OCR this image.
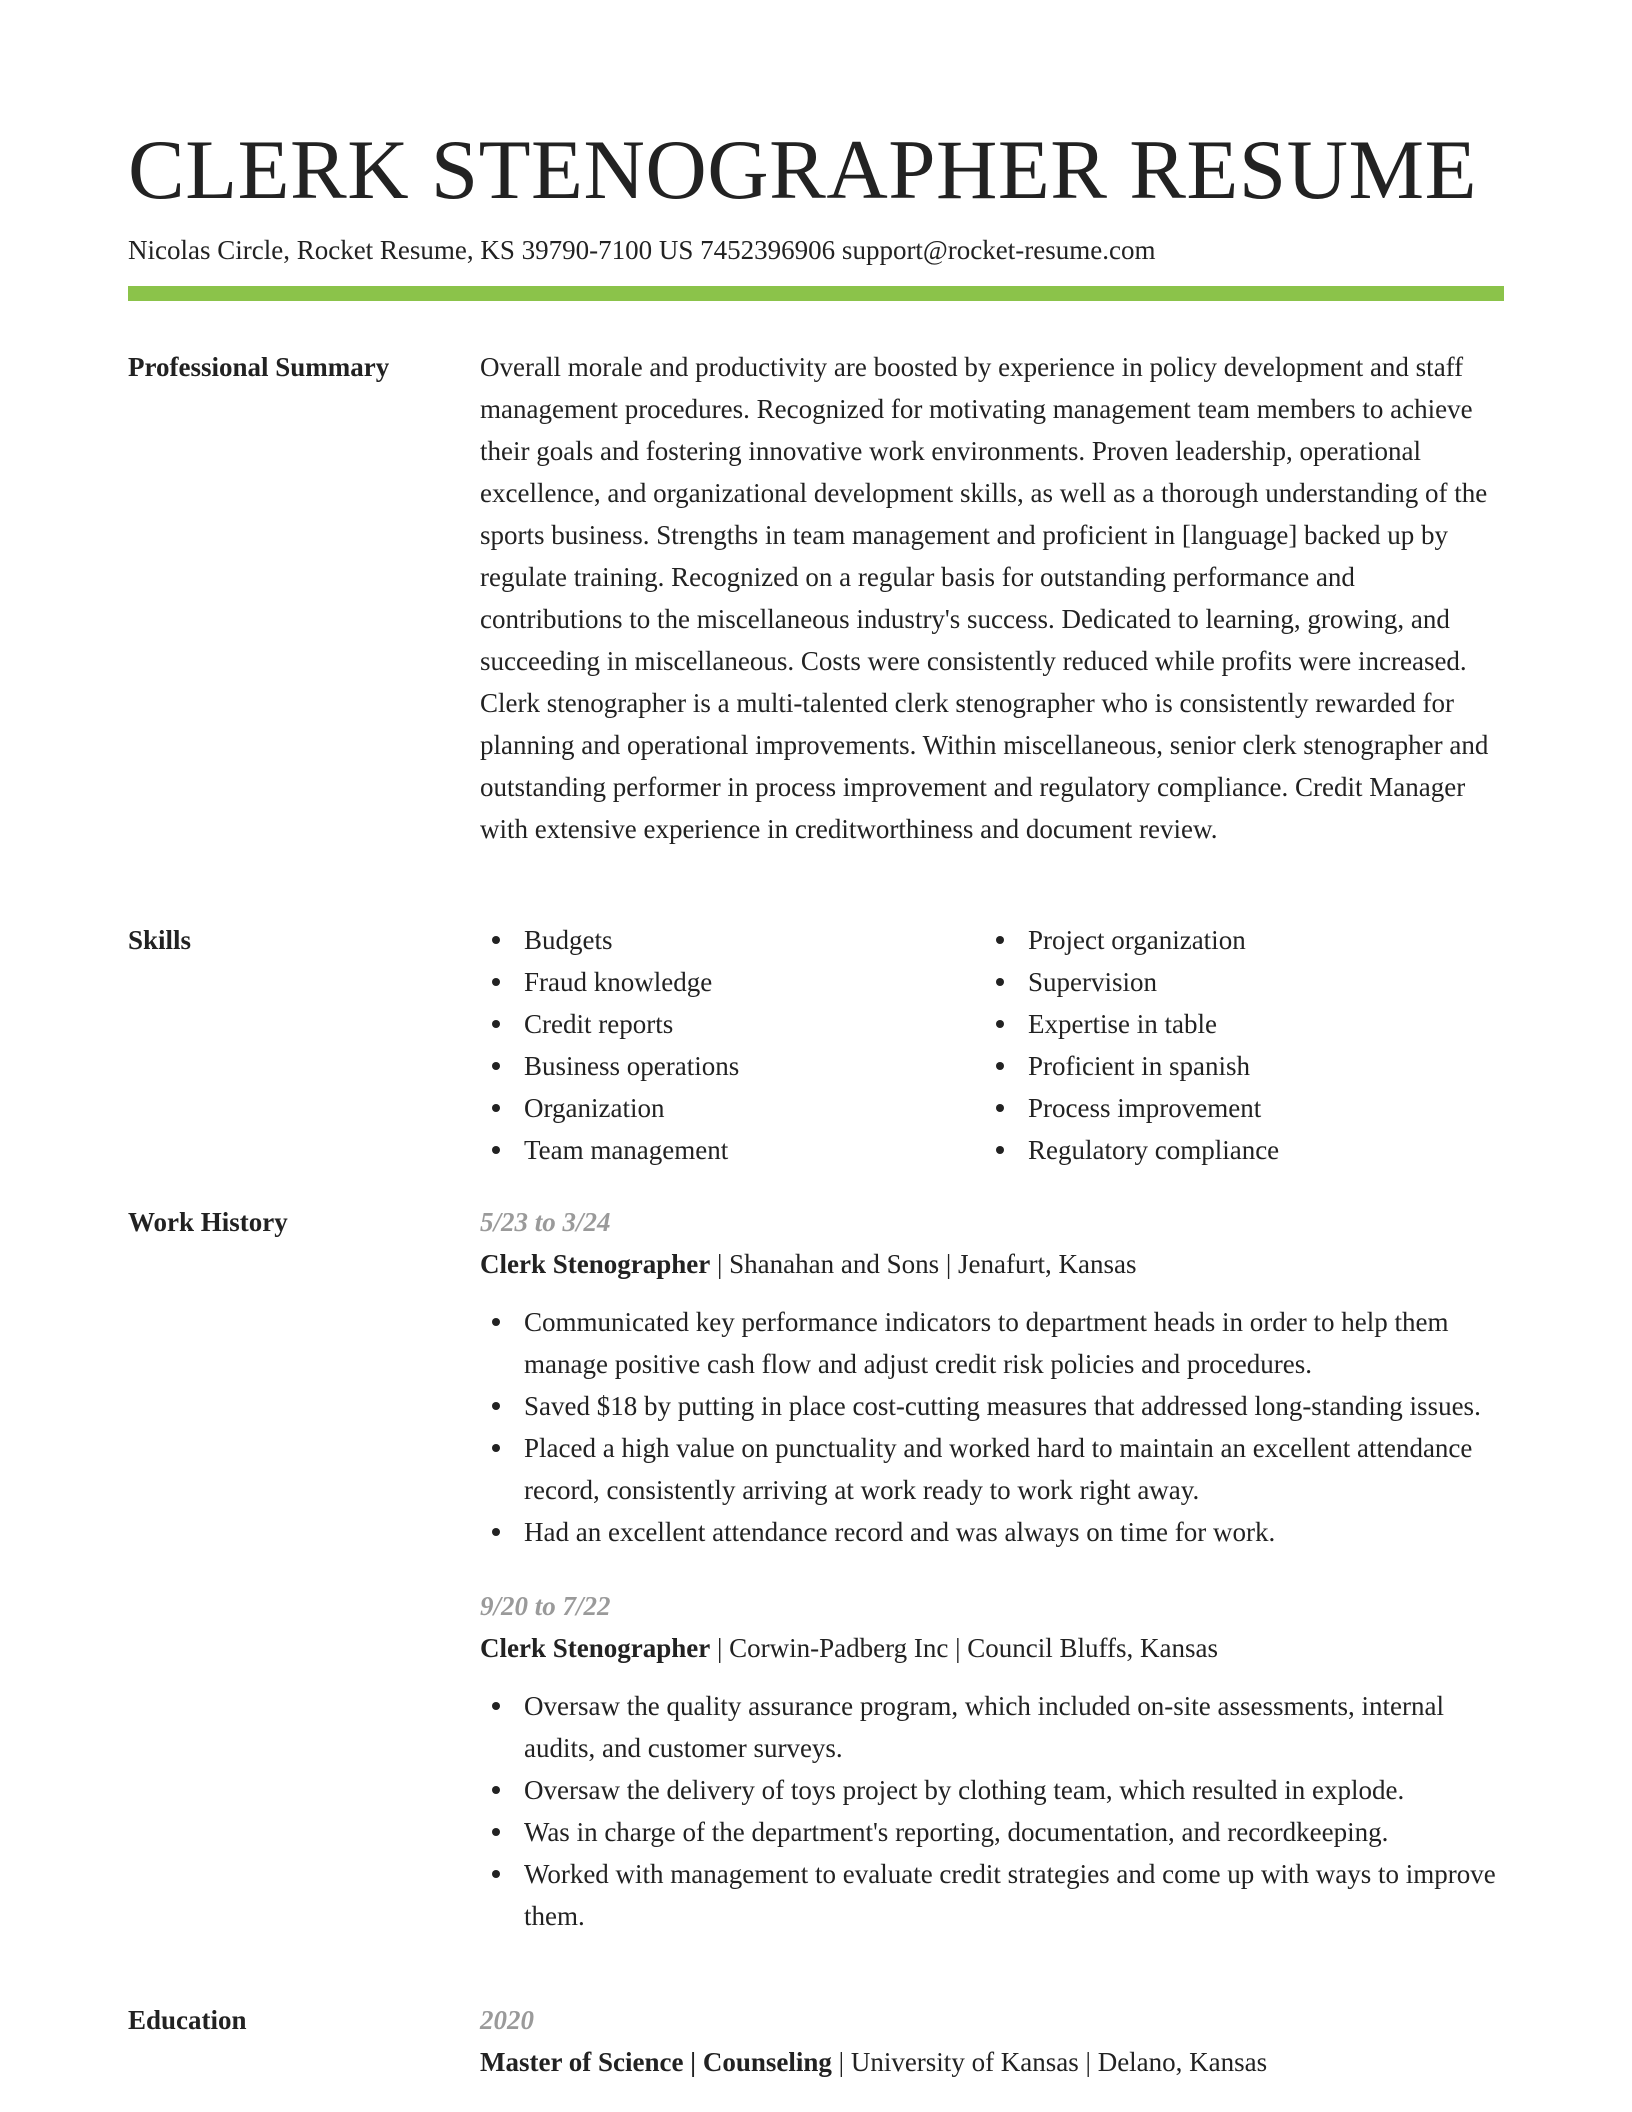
CLERK STENOGRAPHER RESUME
Nicolas Circle, Rocket Resume, KS 39790-7100 US 7452396906 support@rocket-resume.com
Professional Summary	Overall morale and productivity are boosted by experience in policy development and staff management procedures. Recognized for motivating management team members to achieve their goals and fostering innovative work environments. Proven leadership, operational excellence, and organizational development skills, as well as a thorough understanding of the sports business. Strengths in team management and proficient in [language] backed up by regulate training. Recognized on a regular basis for outstanding performance and contributions to the miscellaneous industry's success. Dedicated to learning, growing, and succeeding in miscellaneous. Costs were consistently reduced while profits were increased. Clerk stenographer is a multi-talented clerk stenographer who is consistently rewarded for planning and operational improvements. Within miscellaneous, senior clerk stenographer and outstanding performer in process improvement and regulatory compliance. Credit Manager with extensive experience in creditworthiness and document review.
Skills	Budgets
Fraud knowledge
Credit reports
Business operations
Organization
Team management
Project organization
Supervision
Expertise in table
Proficient in spanish
Process improvement
Regulatory compliance
Work History	5/23 to 3/24
Clerk Stenographer | Shanahan and Sons | Jenafurt, Kansas
Communicated key performance indicators to department heads in order to help them manage positive cash flow and adjust credit risk policies and procedures.
Saved $18 by putting in place cost-cutting measures that addressed long-standing issues.
Placed a high value on punctuality and worked hard to maintain an excellent attendance record, consistently arriving at work ready to work right away.
Had an excellent attendance record and was always on time for work.
9/20 to 7/22
Clerk Stenographer | Corwin-Padberg Inc | Council Bluffs, Kansas
Oversaw the quality assurance program, which included on-site assessments, internal audits, and customer surveys.
Oversaw the delivery of toys project by clothing team, which resulted in explode.
Was in charge of the department's reporting, documentation, and recordkeeping.
Worked with management to evaluate credit strategies and come up with ways to improve them.
Education	2020
Master of Science | Counseling | University of Kansas | Delano, Kansas
